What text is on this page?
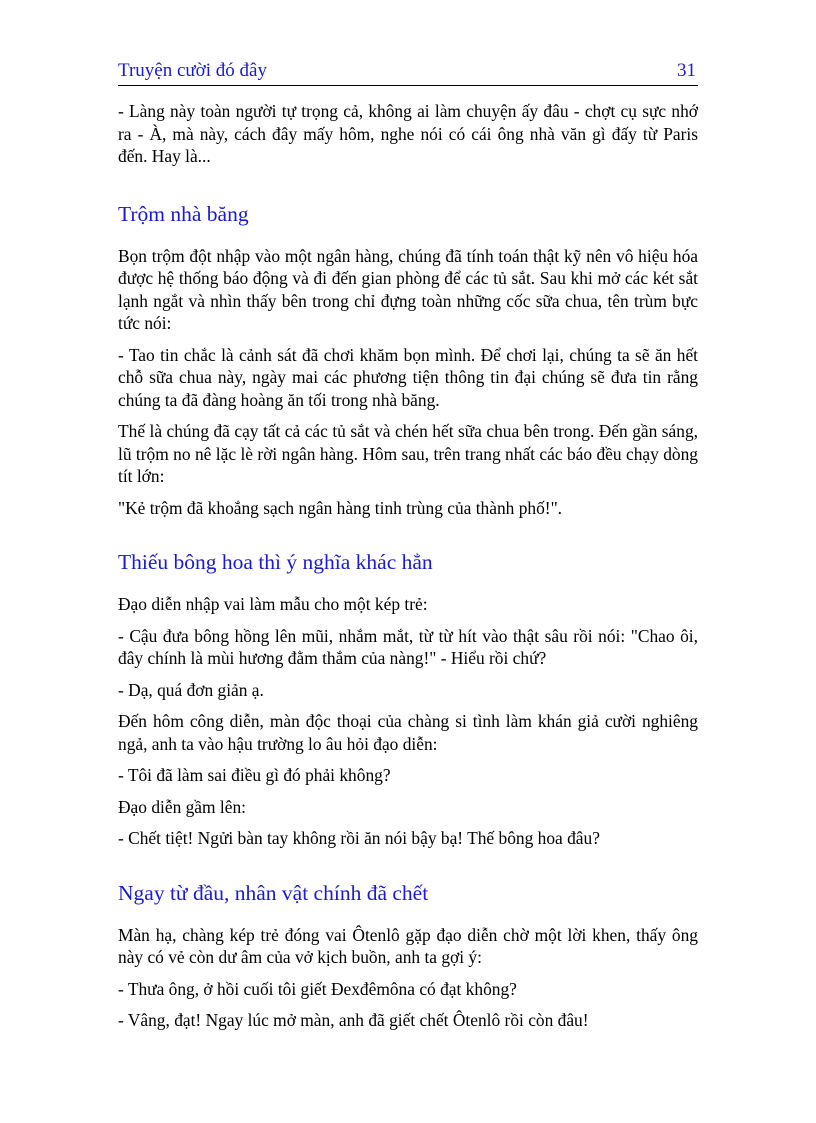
Truyện cười đó đây	31

- Làng này toàn người tự trọng cả, không ai làm chuyện ấy đâu - chợt cụ sực nhớ ra - À, mà này, cách đây mấy hôm, nghe nói có cái ông nhà văn gì đấy từ Paris đến. Hay là...

Trộm nhà băng

Bọn trộm đột nhập vào một ngân hàng, chúng đã tính toán thật kỹ nên vô hiệu hóa được hệ thống báo động và đi đến gian phòng để các tủ sắt. Sau khi mở các két sắt lạnh ngắt và nhìn thấy bên trong chỉ đựng toàn những cốc sữa chua, tên trùm bực tức nói:

- Tao tin chắc là cảnh sát đã chơi khăm bọn mình. Để chơi lại, chúng ta sẽ ăn hết chỗ sữa chua này, ngày mai các phương tiện thông tin đại chúng sẽ đưa tin rằng chúng ta đã đàng hoàng ăn tối trong nhà băng.

Thế là chúng đã cạy tất cả các tủ sắt và chén hết sữa chua bên trong. Đến gần sáng, lũ trộm no nê lặc lè rời ngân hàng. Hôm sau, trên trang nhất các báo đều chạy dòng tít lớn:

"Kẻ trộm đã khoắng sạch ngân hàng tinh trùng của thành phố!".

Thiếu bông hoa thì ý nghĩa khác hẳn

Đạo diễn nhập vai làm mẫu cho một kép trẻ:

- Cậu đưa bông hồng lên mũi, nhắm mắt, từ từ hít vào thật sâu rồi nói: "Chao ôi, đây chính là mùi hương đằm thắm của nàng!" - Hiểu rồi chứ?

- Dạ, quá đơn giản ạ.

Đến hôm công diễn, màn độc thoại của chàng si tình làm khán giả cười nghiêng ngả, anh ta vào hậu trường lo âu hỏi đạo diễn:

- Tôi đã làm sai điều gì đó phải không?

Đạo diễn gầm lên:

- Chết tiệt! Ngửi bàn tay không rồi ăn nói bậy bạ! Thế bông hoa đâu?

Ngay từ đầu, nhân vật chính đã chết

Màn hạ, chàng kép trẻ đóng vai Ôtenlô gặp đạo diễn chờ một lời khen, thấy ông này có vẻ còn dư âm của vở kịch buồn, anh ta gợi ý:

- Thưa ông, ở hồi cuối tôi giết Đexđêmôna có đạt không?

- Vâng, đạt! Ngay lúc mở màn, anh đã giết chết Ôtenlô rồi còn đâu!
